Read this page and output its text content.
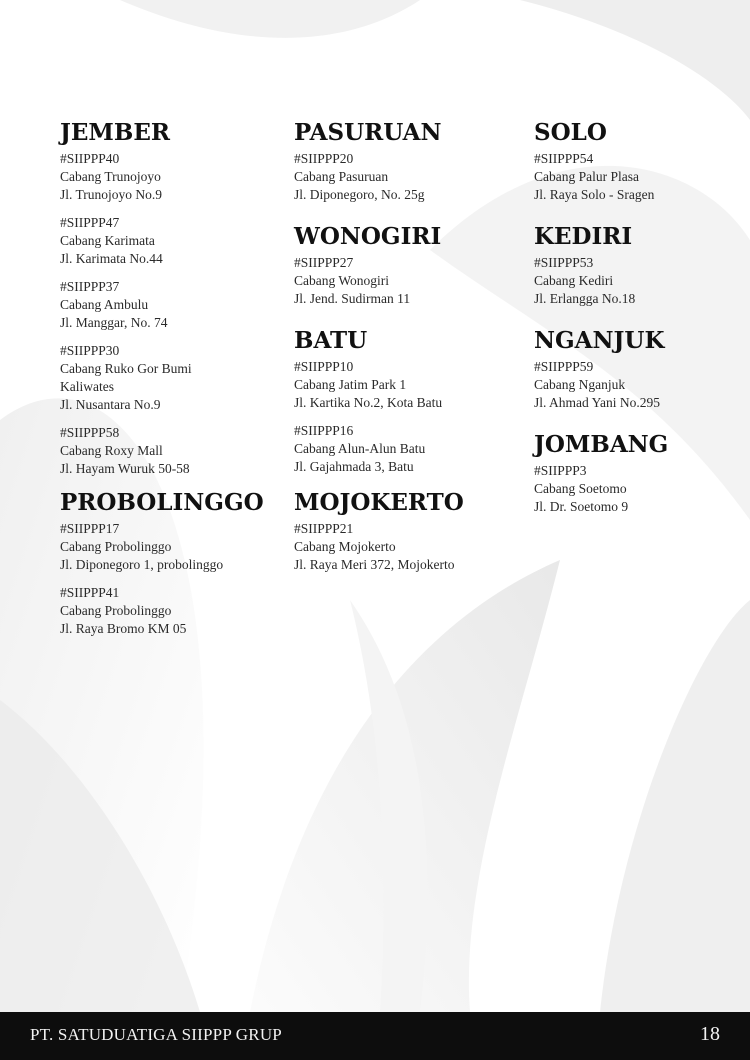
JEMBER
#SIIPPP40
Cabang Trunojoyo
Jl. Trunojoyo No.9
#SIIPPP47
Cabang Karimata
Jl. Karimata No.44
#SIIPPP37
Cabang Ambulu
Jl. Manggar, No. 74
#SIIPPP30
Cabang Ruko Gor Bumi Kaliwates
Jl. Nusantara No.9
#SIIPPP58
Cabang Roxy Mall
Jl. Hayam Wuruk 50-58
PROBOLINGGO
#SIIPPP17
Cabang Probolinggo
Jl. Diponegoro 1, probolinggo
#SIIPPP41
Cabang Probolinggo
Jl. Raya Bromo KM 05
PASURUAN
#SIIPPP20
Cabang Pasuruan
Jl. Diponegoro, No. 25g
WONOGIRI
#SIIPPP27
Cabang Wonogiri
Jl. Jend. Sudirman 11
BATU
#SIIPPP10
Cabang Jatim Park 1
Jl. Kartika No.2, Kota Batu
#SIIPPP16
Cabang Alun-Alun Batu
Jl. Gajahmada 3, Batu
MOJOKERTO
#SIIPPP21
Cabang Mojokerto
Jl. Raya Meri 372, Mojokerto
SOLO
#SIIPPP54
Cabang Palur Plasa
Jl. Raya Solo - Sragen
KEDIRI
#SIIPPP53
Cabang Kediri
Jl. Erlangga No.18
NGANJUK
#SIIPPP59
Cabang Nganjuk
Jl. Ahmad Yani No.295
JOMBANG
#SIIPPP3
Cabang Soetomo
Jl. Dr. Soetomo 9
PT. SATUDUATIGA SIIPPP GRUP	18
